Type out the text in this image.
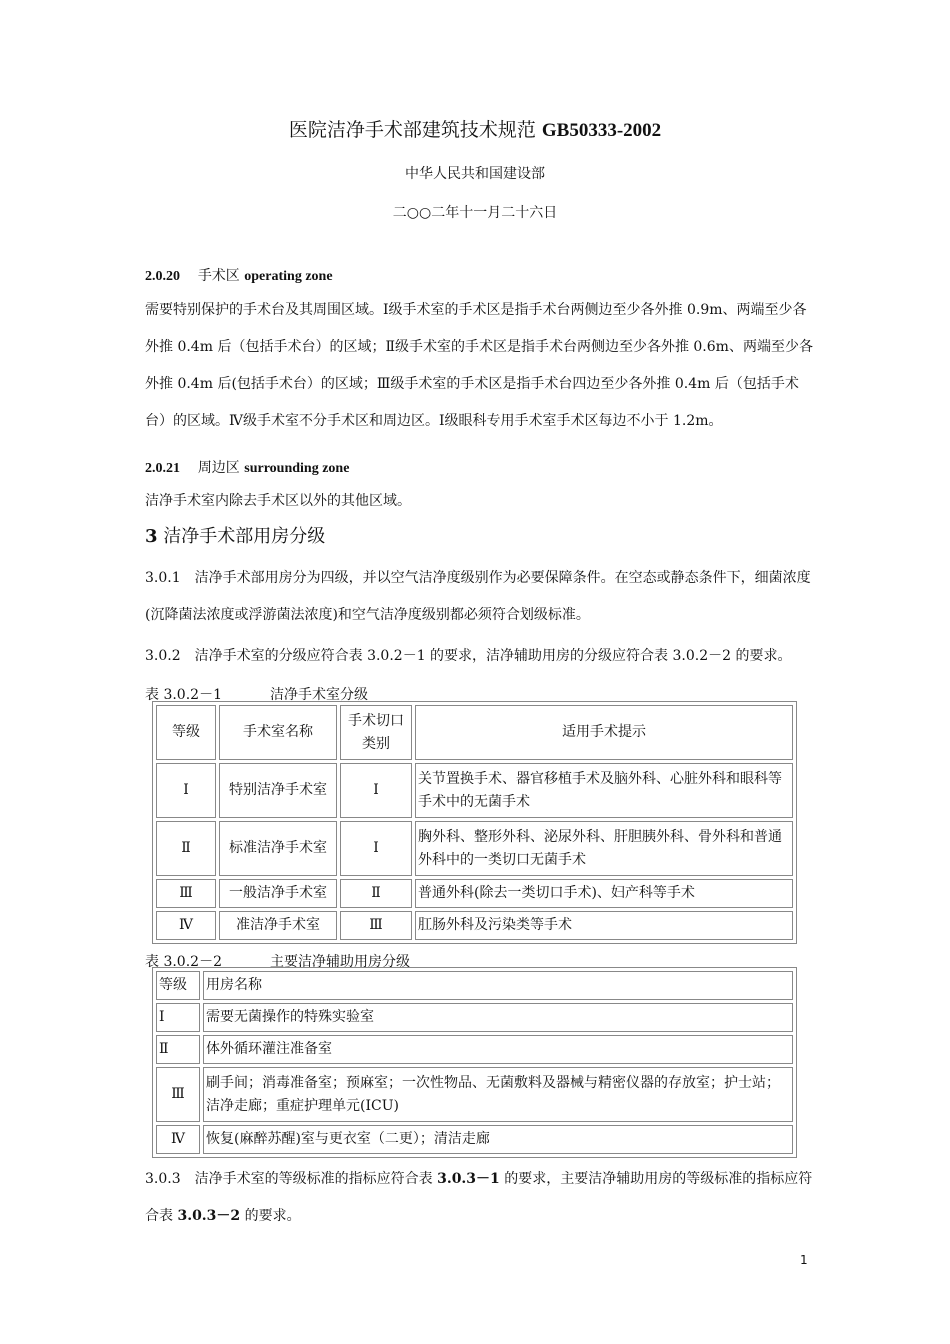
医院洁净手术部建筑技术规范 GB50333-2002
中华人民共和国建设部
二○○二年十一月二十六日
2.0.20 手术区 operating zone
需要特别保护的手术台及其周围区域。Ⅰ级手术室的手术区是指手术台两侧边至少各外推 0.9m、两端至少各外推 0.4m 后（包括手术台）的区域；Ⅱ级手术室的手术区是指手术台两侧边至少各外推 0.6m、两端至少各外推 0.4m 后(包括手术台）的区域；Ⅲ级手术室的手术区是指手术台四边至少各外推 0.4m 后（包括手术台）的区域。Ⅳ级手术室不分手术区和周边区。Ⅰ级眼科专用手术室手术区每边不小于 1.2m。
2.0.21 周边区 surrounding zone
洁净手术室内除去手术区以外的其他区域。
3 洁净手术部用房分级
3.0.1　洁净手术部用房分为四级，并以空气洁净度级别作为必要保障条件。在空态或静态条件下，细菌浓度(沉降菌法浓度或浮游菌法浓度)和空气洁净度级别都必须符合划级标准。
3.0.2　洁净手术室的分级应符合表 3.0.2－1 的要求，洁净辅助用房的分级应符合表 3.0.2－2 的要求。
表 3.0.2－1	洁净手术室分级
等级	手术室名称	手术切口类别	适用手术提示
Ⅰ	特别洁净手术室	Ⅰ	关节置换手术、器官移植手术及脑外科、心脏外科和眼科等手术中的无菌手术
Ⅱ	标准洁净手术室	Ⅰ	胸外科、整形外科、泌尿外科、肝胆胰外科、骨外科和普通外科中的一类切口无菌手术
Ⅲ	一般洁净手术室	Ⅱ	普通外科(除去一类切口手术)、妇产科等手术
Ⅳ	准洁净手术室	Ⅲ	肛肠外科及污染类等手术
表 3.0.2－2	主要洁净辅助用房分级
等级	用房名称
Ⅰ	需要无菌操作的特殊实验室
Ⅱ	体外循环灌注准备室
Ⅲ	刷手间；消毒准备室；预麻室；一次性物品、无菌敷料及器械与精密仪器的存放室；护士站；洁净走廊；重症护理单元(ICU)
Ⅳ	恢复(麻醉苏醒)室与更衣室（二更）；清洁走廊
3.0.3　洁净手术室的等级标准的指标应符合表 3.0.3－1 的要求，主要洁净辅助用房的等级标准的指标应符合表 3.0.3－2 的要求。
1
